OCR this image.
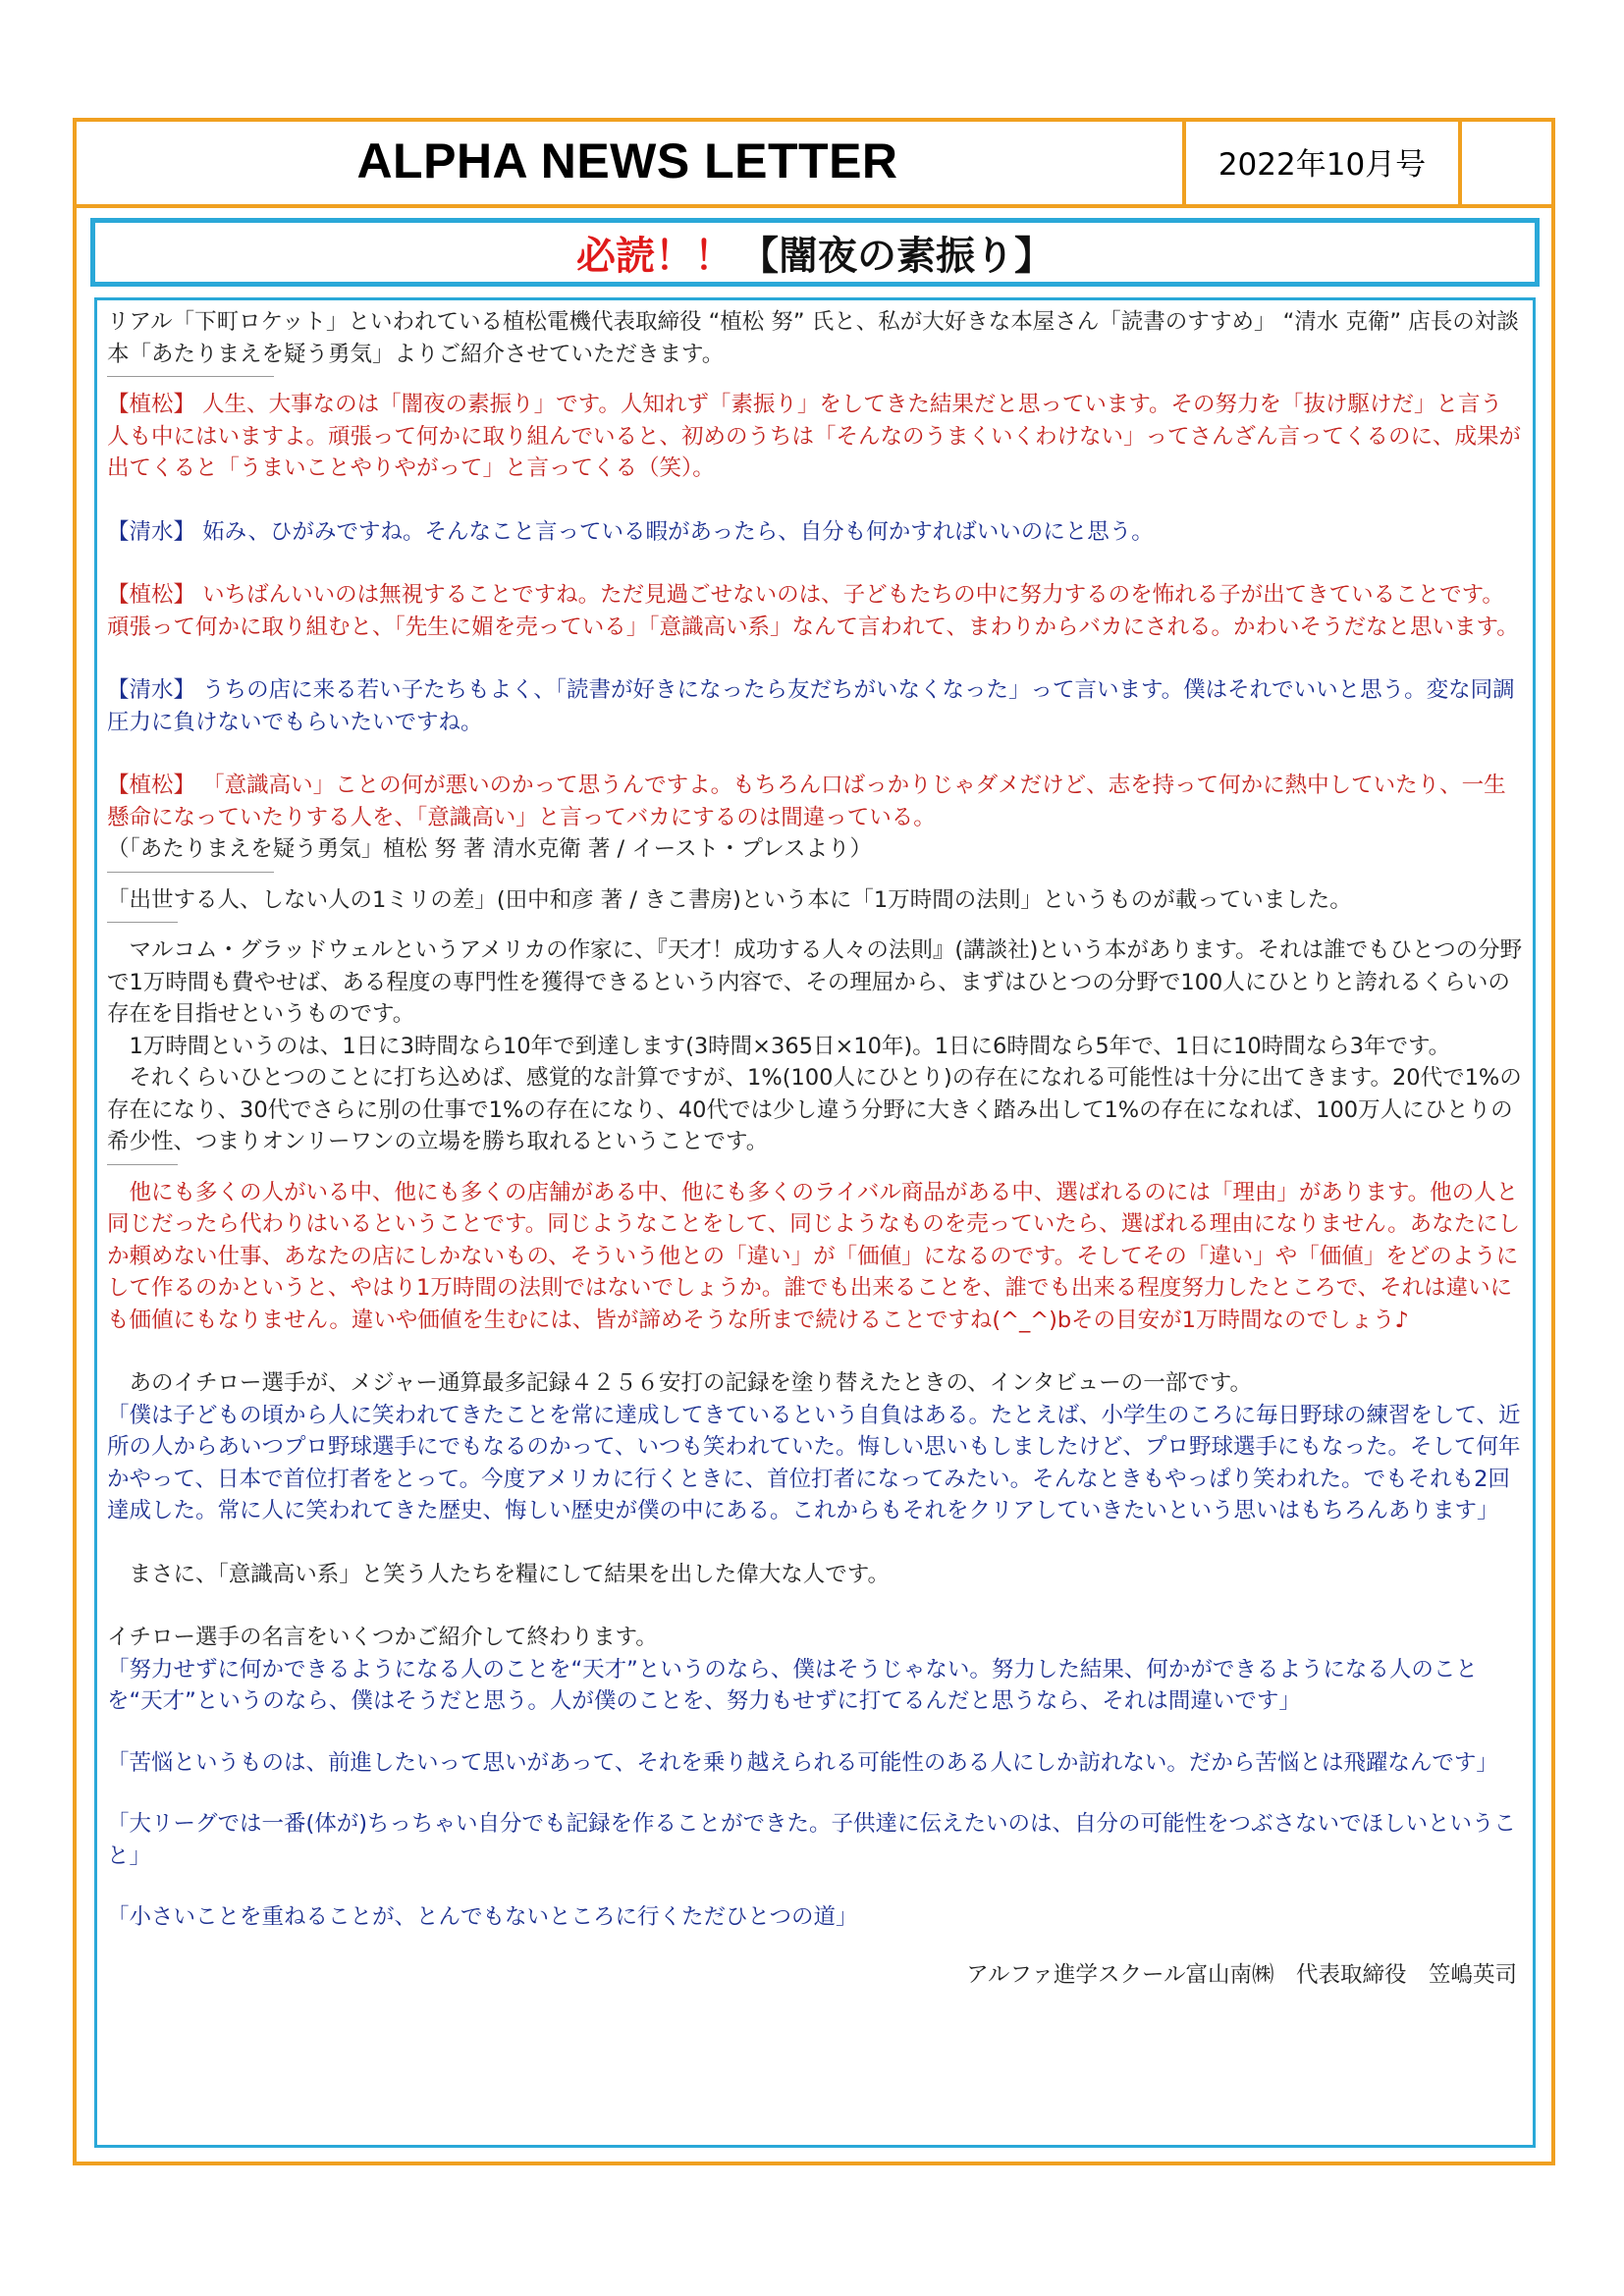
ALPHA NEWS LETTER	2022年10月号
必読！！ 【闇夜の素振り】

リアル「下町ロケット」といわれている植松電機代表取締役 “植松 努” 氏と、私が大好きな本屋さん「読書のすすめ」 “清水 克衛” 店長の対談本「あたりまえを疑う勇気」よりご紹介させていただきます。

【植松】 人生、大事なのは「闇夜の素振り」です。人知れず「素振り」をしてきた結果だと思っています。その努力を「抜け駆けだ」と言う人も中にはいますよ。頑張って何かに取り組んでいると、初めのうちは「そんなのうまくいくわけない」ってさんざん言ってくるのに、成果が出てくると「うまいことやりやがって」と言ってくる（笑）。

【清水】 妬み、ひがみですね。そんなこと言っている暇があったら、自分も何かすればいいのにと思う。

【植松】 いちばんいいのは無視することですね。ただ見過ごせないのは、子どもたちの中に努力するのを怖れる子が出てきていることです。頑張って何かに取り組むと、「先生に媚を売っている」「意識高い系」なんて言われて、まわりからバカにされる。かわいそうだなと思います。

【清水】 うちの店に来る若い子たちもよく、「読書が好きになったら友だちがいなくなった」って言います。僕はそれでいいと思う。変な同調圧力に負けないでもらいたいですね。

【植松】 「意識高い」ことの何が悪いのかって思うんですよ。もちろん口ばっかりじゃダメだけど、志を持って何かに熱中していたり、一生懸命になっていたりする人を、「意識高い」と言ってバカにするのは間違っている。

（「あたりまえを疑う勇気」植松 努 著 清水克衛 著 / イースト・プレスより）

「出世する人、しない人の1ミリの差」(田中和彦 著 / きこ書房)という本に「1万時間の法則」というものが載っていました。

マルコム・グラッドウェルというアメリカの作家に、『天才！成功する人々の法則』(講談社)という本があります。それは誰でもひとつの分野で1万時間も費やせば、ある程度の専門性を獲得できるという内容で、その理屈から、まずはひとつの分野で100人にひとりと誇れるくらいの存在を目指せというものです。

1万時間というのは、1日に3時間なら10年で到達します(3時間×365日×10年)。1日に6時間なら5年で、1日に10時間なら3年です。

それくらいひとつのことに打ち込めば、感覚的な計算ですが、1%(100人にひとり)の存在になれる可能性は十分に出てきます。20代で1%の存在になり、30代でさらに別の仕事で1%の存在になり、40代では少し違う分野に大きく踏み出して1%の存在になれば、100万人にひとりの希少性、つまりオンリーワンの立場を勝ち取れるということです。

他にも多くの人がいる中、他にも多くの店舗がある中、他にも多くのライバル商品がある中、選ばれるのには「理由」があります。他の人と同じだったら代わりはいるということです。同じようなことをして、同じようなものを売っていたら、選ばれる理由になりません。あなたにしか頼めない仕事、あなたの店にしかないもの、そういう他との「違い」が「価値」になるのです。そしてその「違い」や「価値」をどのようにして作るのかというと、やはり1万時間の法則ではないでしょうか。誰でも出来ることを、誰でも出来る程度努力したところで、それは違いにも価値にもなりません。違いや価値を生むには、皆が諦めそうな所まで続けることですね(^_^)bその目安が1万時間なのでしょう♪

あのイチロー選手が、メジャー通算最多記録４２５６安打の記録を塗り替えたときの、インタビューの一部です。

「僕は子どもの頃から人に笑われてきたことを常に達成してきているという自負はある。たとえば、小学生のころに毎日野球の練習をして、近所の人からあいつプロ野球選手にでもなるのかって、いつも笑われていた。悔しい思いもしましたけど、プロ野球選手にもなった。そして何年かやって、日本で首位打者をとって。今度アメリカに行くときに、首位打者になってみたい。そんなときもやっぱり笑われた。でもそれも2回達成した。常に人に笑われてきた歴史、悔しい歴史が僕の中にある。これからもそれをクリアしていきたいという思いはもちろんあります」

まさに、「意識高い系」と笑う人たちを糧にして結果を出した偉大な人です。

イチロー選手の名言をいくつかご紹介して終わります。

「努力せずに何かできるようになる人のことを“天才”というのなら、僕はそうじゃない。努力した結果、何かができるようになる人のことを“天才”というのなら、僕はそうだと思う。人が僕のことを、努力もせずに打てるんだと思うなら、それは間違いです」

「苦悩というものは、前進したいって思いがあって、それを乗り越えられる可能性のある人にしか訪れない。だから苦悩とは飛躍なんです」

「大リーグでは一番(体が)ちっちゃい自分でも記録を作ることができた。子供達に伝えたいのは、自分の可能性をつぶさないでほしいということ」

「小さいことを重ねることが、とんでもないところに行くただひとつの道」

アルファ進学スクール富山南㈱　代表取締役　笠嶋英司
